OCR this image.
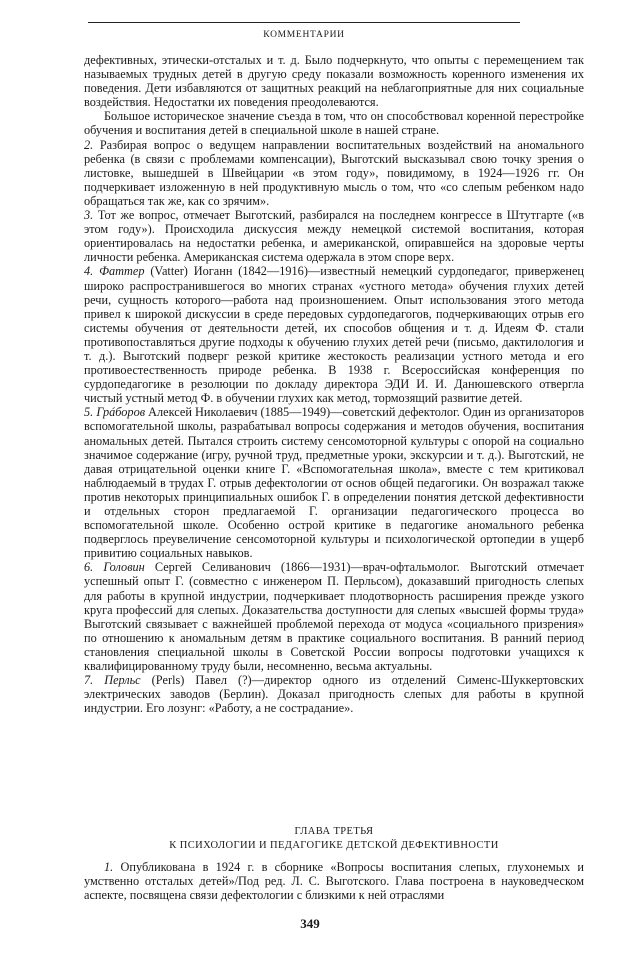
КОММЕНТАРИИ

дефективных, этически-отсталых и т. д. Было подчеркнуто, что опыты с перемещением так называемых трудных детей в другую среду показали возможность коренного изменения их поведения. Дети избавляются от защитных реакций на неблагоприятные для них социальные воздействия. Недостатки их поведения преодолеваются.

Большое историческое значение съезда в том, что он способствовал коренной перестройке обучения и воспитания детей в специальной школе в нашей стране.

2. Разбирая вопрос о ведущем направлении воспитательных воздействий на аномального ребенка (в связи с проблемами компенсации), Выготский высказывал свою точку зрения о листовке, вышедшей в Швейцарии «в этом году», повидимому, в 1924—1926 гг. Он подчеркивает изложенную в ней продуктивную мысль о том, что «со слепым ребенком надо обращаться так же, как со зрячим».

3. Тот же вопрос, отмечает Выготский, разбирался на последнем конгрессе в Штутгарте («в этом году»). Происходила дискуссия между немецкой системой воспитания, которая ориентировалась на недостатки ребенка, и американской, опиравшейся на здоровые черты личности ребенка. Американская система одержала в этом споре верх.

4. Фаттер (Vatter) Иоганн (1842—1916)—известный немецкий сурдопедагог, приверженец широко распространившегося во многих странах «устного метода» обучения глухих детей речи, сущность которого—работа над произношением. Опыт использования этого метода привел к широкой дискуссии в среде передовых сурдопедагогов, подчеркивающих отрыв его системы обучения от деятельности детей, их способов общения и т. д. Идеям Ф. стали противопоставляться другие подходы к обучению глухих детей речи (письмо, дактилология и т. д.). Выготский подверг резкой критике жестокость реализации устного метода и его противоестественность природе ребенка. В 1938 г. Всероссийская конференция по сурдопедагогике в резолюции по докладу директора ЭДИ И. И. Данюшевского отвергла чистый устный метод Ф. в обучении глухих как метод, тормозящий развитие детей.

5. Грáборов Алексей Николаевич (1885—1949)—советский дефектолог. Один из организаторов вспомогательной школы, разрабатывал вопросы содержания и методов обучения, воспитания аномальных детей. Пытался строить систему сенсомоторной культуры с опорой на социально значимое содержание (игру, ручной труд, предметные уроки, экскурсии и т. д.). Выготский, не давая отрицательной оценки книге Г. «Вспомогательная школа», вместе с тем критиковал наблюдаемый в трудах Г. отрыв дефектологии от основ общей педагогики. Он возражал также против некоторых принципиальных ошибок Г. в определении понятия детской дефективности и отдельных сторон предлагаемой Г. организации педагогического процесса во вспомогательной школе. Особенно острой критике в педагогике аномального ребенка подверглось преувеличение сенсомоторной культуры и психологической ортопедии в ущерб привитию социальных навыков.

6. Головин Сергей Селиванович (1866—1931)—врач-офтальмолог. Выготский отмечает успешный опыт Г. (совместно с инженером П. Перльсом), доказавший пригодность слепых для работы в крупной индустрии, подчеркивает плодотворность расширения прежде узкого круга профессий для слепых. Доказательства доступности для слепых «высшей формы труда» Выготский связывает с важнейшей проблемой перехода от модуса «социального призрения» по отношению к аномальным детям в практике социального воспитания. В ранний период становления специальной школы в Советской России вопросы подготовки учащихся к квалифицированному труду были, несомненно, весьма актуальны.

7. Перльс (Perls) Павел (?)—директор одного из отделений Сименс-Шуккертовских электрических заводов (Берлин). Доказал пригодность слепых для работы в крупной индустрии. Его лозунг: «Работу, а не сострадание».

ГЛАВА ТРЕТЬЯ
К ПСИХОЛОГИИ И ПЕДАГОГИКЕ ДЕТСКОЙ ДЕФЕКТИВНОСТИ

1. Опубликована в 1924 г. в сборнике «Вопросы воспитания слепых, глухонемых и умственно отсталых детей»/Под ред. Л. С. Выготского. Глава построена в науковедческом аспекте, посвящена связи дефектологии с близкими к ней отраслями

349
